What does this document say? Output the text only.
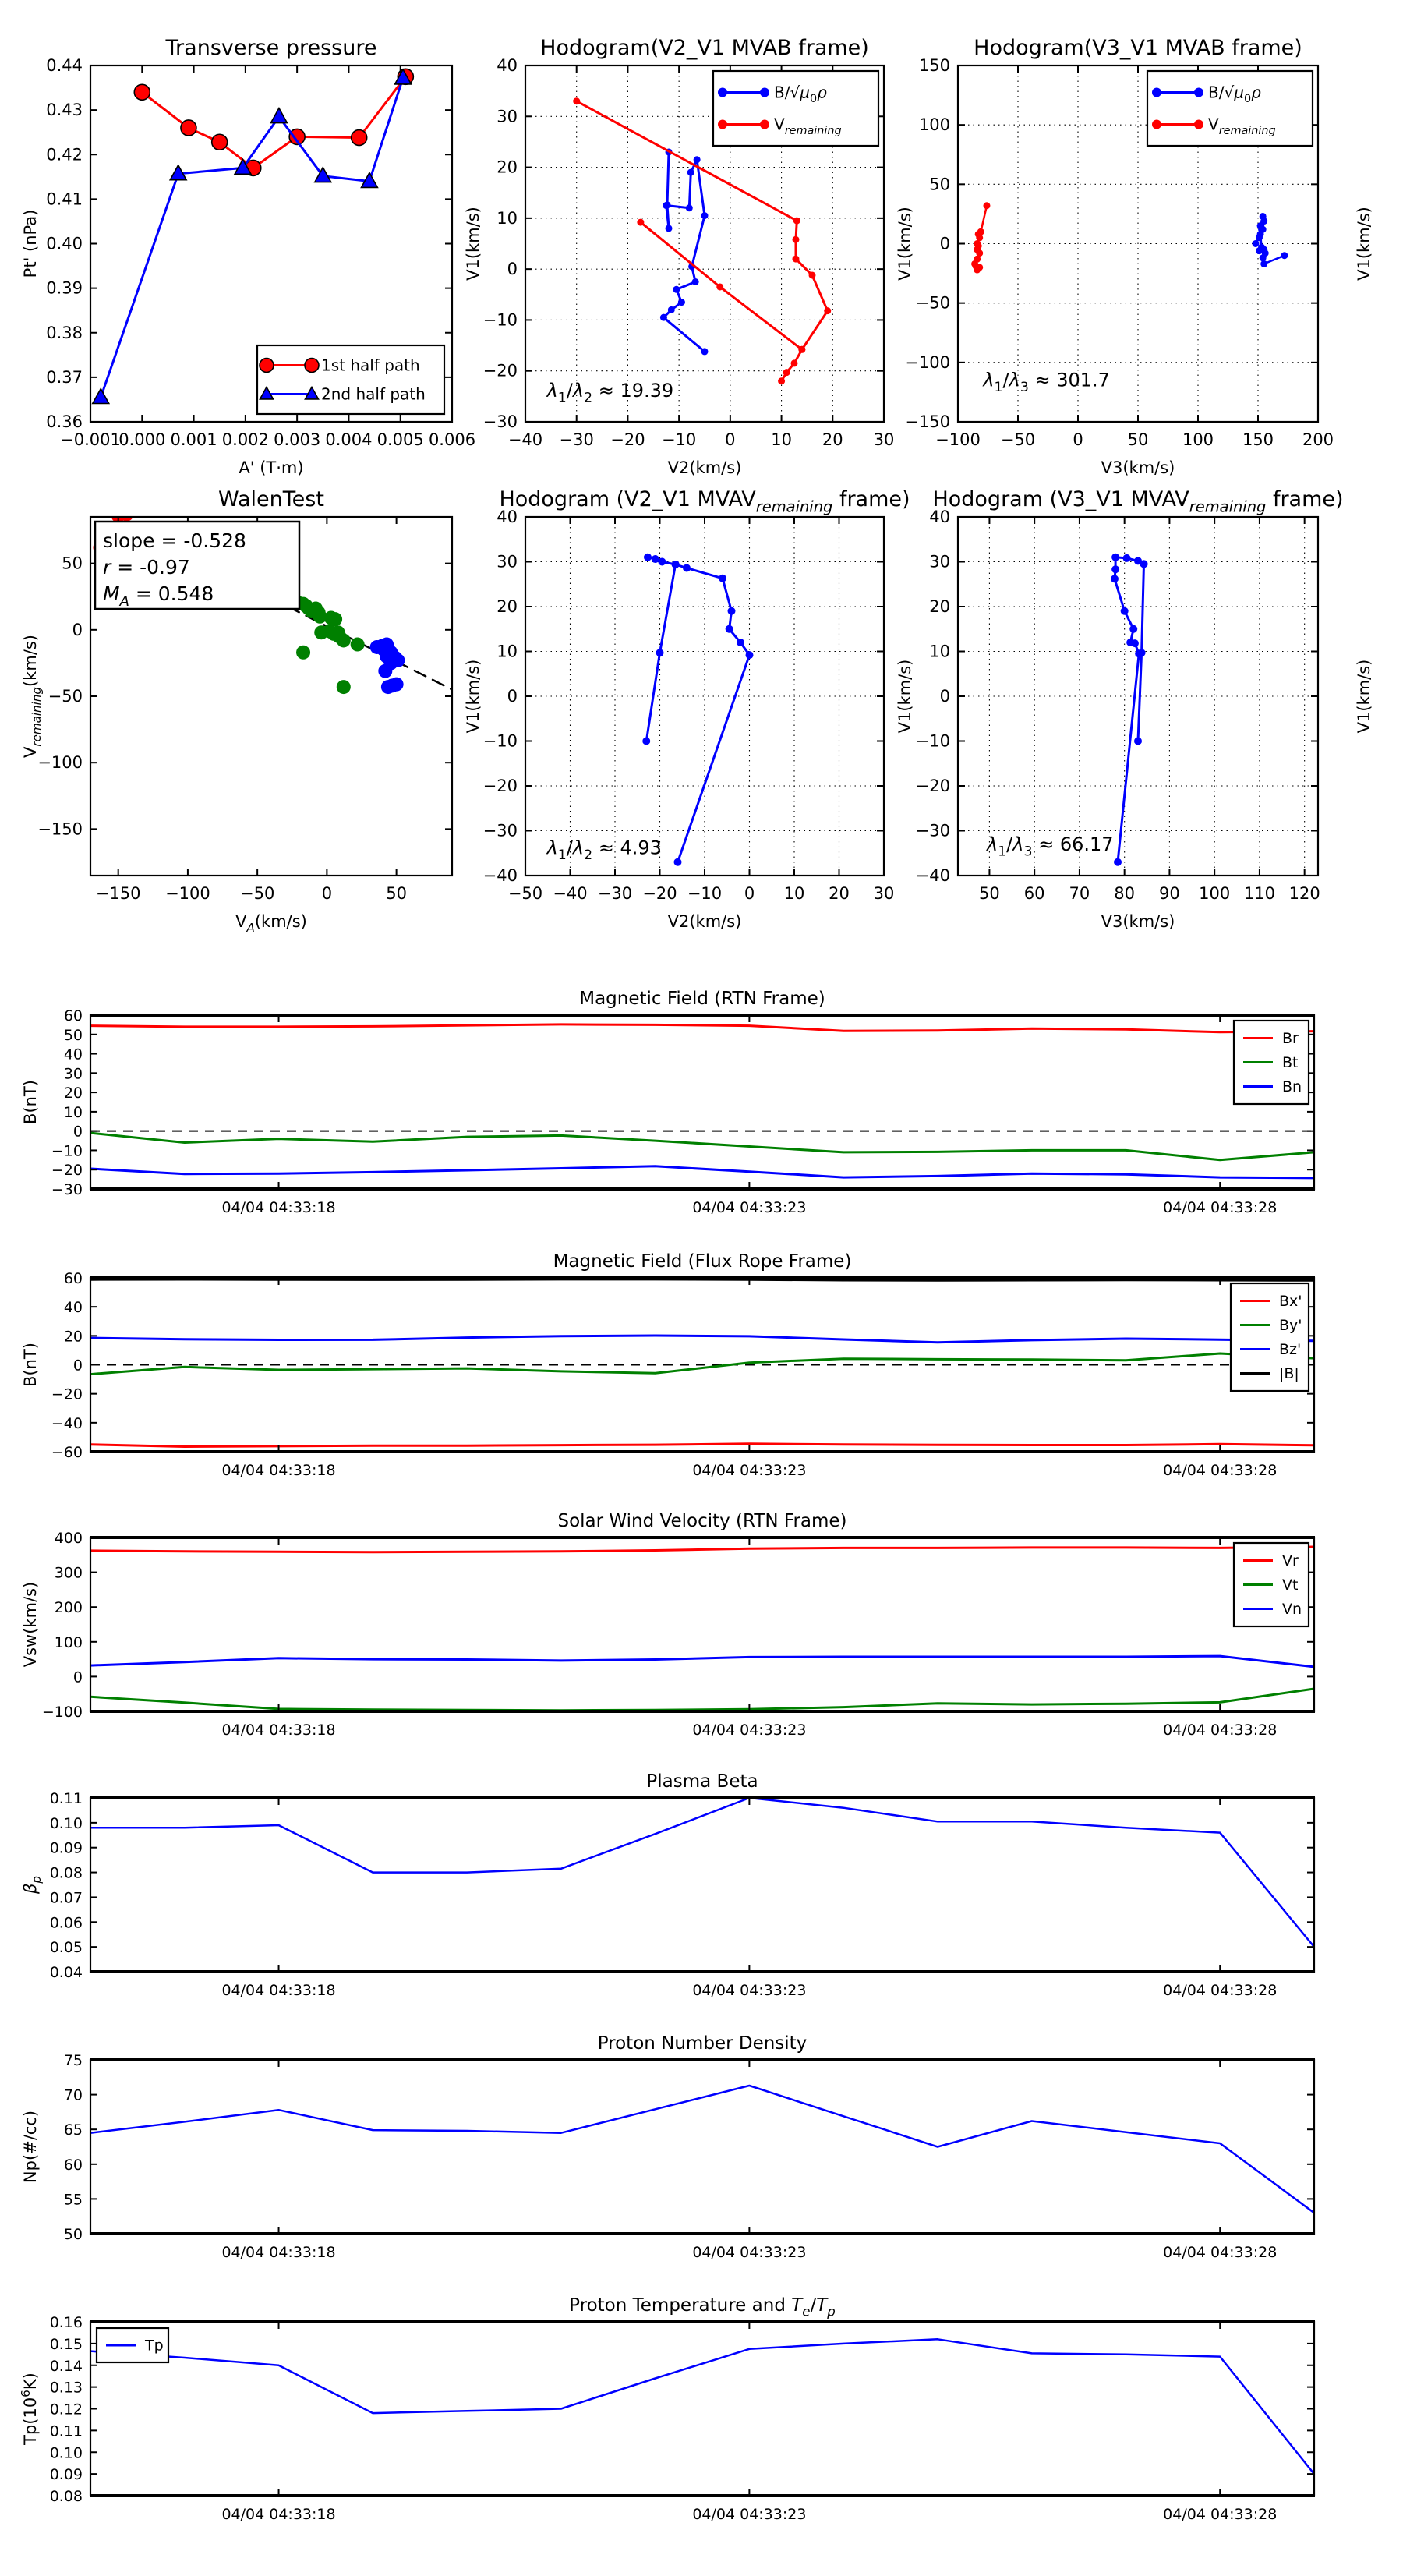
−0.001
0.000 0.001 0.002 0.003 0.004 0.005 0.006
0.36
0.37
0.38
0.39
0.40
0.41
0.42
0.43
0.44
Transverse pressure
A' (T·m)
Pt' (nPa)	V1(km/s)
1st half path
2nd half path
−40 −30 −20 −10 0 10 20 30
−30
−20
−10
0
10
20
30
40
Hodogram(V2_V1 MVAB frame)
V2(km/s)
V1(km/s)
$B/√\mu_0\rho$
$V_{remaining}$
$\lambda_1/\lambda_2 \approx 19.39$
−100 −50 0	50 100 150 200
−150
−100
−50
0
50
100
150
Hodogram(V3_V1 MVAB frame)
V3(km/s)
V1(km/s)
$B/√\mu_0\rho$
$V_{remaining}$
$\lambda_1/\lambda_3 \approx 301.7$
−150 −100 −50	0	50
50
0
−50
−100
−150
WalenTest
$V_A(km/s)$
$V_{remaining}(km/s)$	V1(km/s)
slope = -0.528
r = -0.97
$M_A = 0.548$
−50 −40 −30 −20 −10 0 10 20 30
−40
−30
−20
−10
0
10
20
30
40
Hodogram (V2_V1 $MVAV_{remaining}$ frame)
V2(km/s)
V1(km/s)
$\lambda_1/\lambda_2 \approx 4.93$
50 60 70 80 90 100 110 120
−40
−30
−20
−10
0
10
20
30
40
Hodogram (V3_V1 $MVAV_{remaining}$ frame)
V3(km/s)
V1(km/s)
$\lambda_1/\lambda_3 \approx 66.17$
04/04 04:33:18	04/04 04:33:23	04/04 04:33:28
−30
−20
−10
0
10
20
30
40
50
60
Magnetic Field (RTN Frame)
B(nT)
Br
Bt
Bn
04/04 04:33:18	04/04 04:33:23	04/04 04:33:28
−60
−40
−20
0
20
40
60
Magnetic Field (Flux Rope Frame)
B(nT)
Bx'
By'
Bz'
|B|
04/04 04:33:18	04/04 04:33:23	04/04 04:33:28
−100
0
100
200
300
400
Solar Wind Velocity (RTN Frame)
Vsw(km/s)
Vr
Vt
Vn
04/04 04:33:18	04/04 04:33:23	04/04 04:33:28
0.04
0.05
0.06
0.07
0.08
0.09
0.10
0.11
Plasma Beta
$\beta_p$
04/04 04:33:18	04/04 04:33:23	04/04 04:33:28
50
55
60
65
70
75
Proton Number Density
Np(#/cc)
04/04 04:33:18	04/04 04:33:23	04/04 04:33:28
0.08
0.09
0.10
0.11
0.12
0.13
0.14
0.15
0.16
Proton Temperature and $T_e/T_p$
$Tp(10^6K)$
Tp
